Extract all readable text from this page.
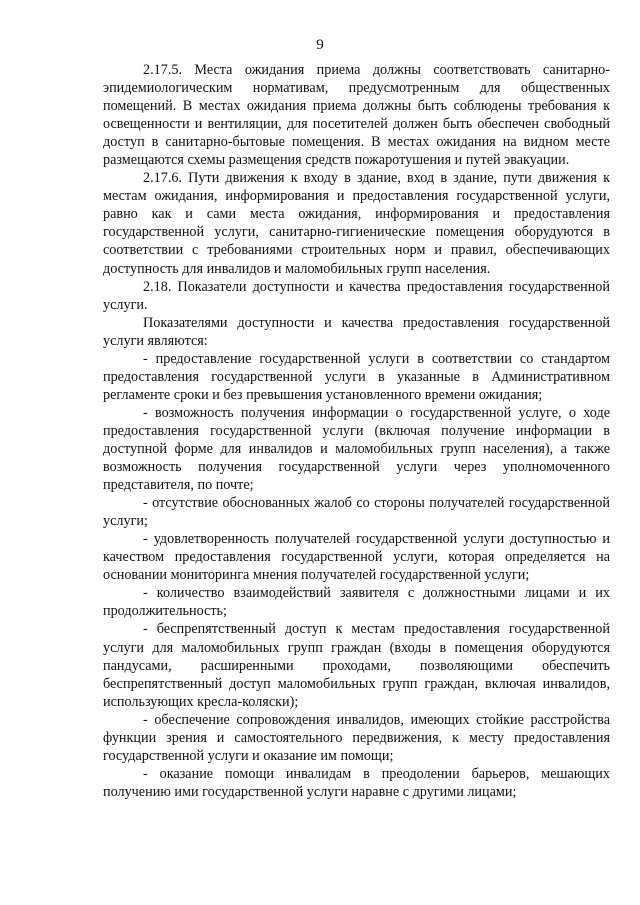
9

2.17.5. Места ожидания приема должны соответствовать санитарно-эпидемиологическим нормативам, предусмотренным для общественных помещений. В местах ожидания приема должны быть соблюдены требования к освещенности и вентиляции, для посетителей должен быть обеспечен свободный доступ в санитарно-бытовые помещения. В местах ожидания на видном месте размещаются схемы размещения средств пожаротушения и путей эвакуации.

2.17.6. Пути движения к входу в здание, вход в здание, пути движения к местам ожидания, информирования и предоставления государственной услуги, равно как и сами места ожидания, информирования и предоставления государственной услуги, санитарно-гигиенические помещения оборудуются в соответствии с требованиями строительных норм и правил, обеспечивающих доступность для инвалидов и маломобильных групп населения.

2.18. Показатели доступности и качества предоставления государственной услуги.

Показателями доступности и качества предоставления государственной услуги являются:

- предоставление государственной услуги в соответствии со стандартом предоставления государственной услуги в указанные в Административном регламенте сроки и без превышения установленного времени ожидания;

- возможность получения информации о государственной услуге, о ходе предоставления государственной услуги (включая получение информации в доступной форме для инвалидов и маломобильных групп населения), а также возможность получения государственной услуги через уполномоченного представителя, по почте;

- отсутствие обоснованных жалоб со стороны получателей государственной услуги;

- удовлетворенность получателей государственной услуги доступностью и качеством предоставления государственной услуги, которая определяется на основании мониторинга мнения получателей государственной услуги;

- количество взаимодействий заявителя с должностными лицами и их продолжительность;

- беспрепятственный доступ к местам предоставления государственной услуги для маломобильных групп граждан (входы в помещения оборудуются пандусами, расширенными проходами, позволяющими обеспечить беспрепятственный доступ маломобильных групп граждан, включая инвалидов, использующих кресла-коляски);

- обеспечение сопровождения инвалидов, имеющих стойкие расстройства функции зрения и самостоятельного передвижения, к месту предоставления государственной услуги и оказание им помощи;

- оказание помощи инвалидам в преодолении барьеров, мешающих получению ими государственной услуги наравне с другими лицами;
